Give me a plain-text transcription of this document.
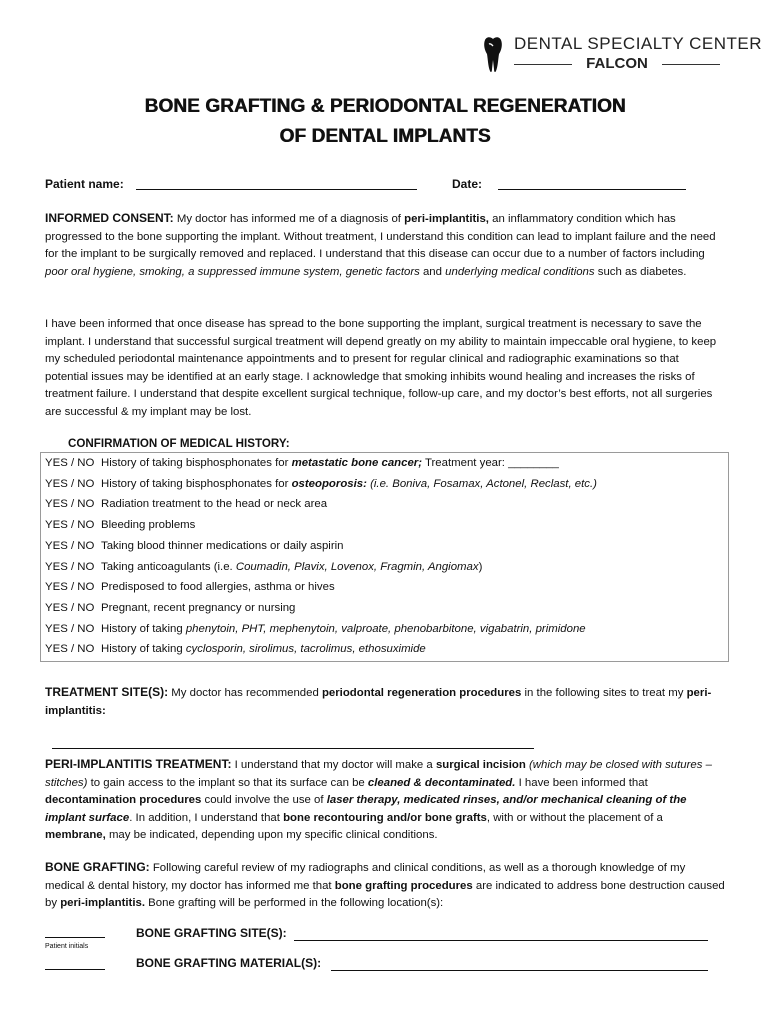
DENTAL SPECIALTY CENTER
FALCON
BONE GRAFTING & PERIODONTAL REGENERATION
OF DENTAL IMPLANTS
Patient name:	Date:

INFORMED CONSENT: My doctor has informed me of a diagnosis of peri-implantitis, an inflammatory condition which has progressed to the bone supporting the implant. Without treatment, I understand this condition can lead to implant failure and the need for the implant to be surgically removed and replaced. I understand that this disease can occur due to a number of factors including poor oral hygiene, smoking, a suppressed immune system, genetic factors and underlying medical conditions such as diabetes.

I have been informed that once disease has spread to the bone supporting the implant, surgical treatment is necessary to save the implant. I understand that successful surgical treatment will depend greatly on my ability to maintain impeccable oral hygiene, to keep my scheduled periodontal maintenance appointments and to present for regular clinical and radiographic examinations so that potential issues may be identified at an early stage. I acknowledge that smoking inhibits wound healing and increases the risks of treatment failure. I understand that despite excellent surgical technique, follow-up care, and my doctor’s best efforts, not all surgeries are successful & my implant may be lost.

CONFIRMATION OF MEDICAL HISTORY:
YES / NO History of taking bisphosphonates for metastatic bone cancer; Treatment year: ________
YES / NO History of taking bisphosphonates for osteoporosis: (i.e. Boniva, Fosamax, Actonel, Reclast, etc.)
YES / NO Radiation treatment to the head or neck area
YES / NO Bleeding problems
YES / NO Taking blood thinner medications or daily aspirin
YES / NO Taking anticoagulants (i.e. Coumadin, Plavix, Lovenox, Fragmin, Angiomax)
YES / NO Predisposed to food allergies, asthma or hives
YES / NO Pregnant, recent pregnancy or nursing
YES / NO History of taking phenytoin, PHT, mephenytoin, valproate, phenobarbitone, vigabatrin, primidone
YES / NO History of taking cyclosporin, sirolimus, tacrolimus, ethosuximide

TREATMENT SITE(S): My doctor has recommended periodontal regeneration procedures in the following sites to treat my peri-implantitis:

PERI-IMPLANTITIS TREATMENT: I understand that my doctor will make a surgical incision (which may be closed with sutures – stitches) to gain access to the implant so that its surface can be cleaned & decontaminated. I have been informed that decontamination procedures could involve the use of laser therapy, medicated rinses, and/or mechanical cleaning of the implant surface. In addition, I understand that bone recontouring and/or bone grafts, with or without the placement of a membrane, may be indicated, depending upon my specific clinical conditions.

BONE GRAFTING: Following careful review of my radiographs and clinical conditions, as well as a thorough knowledge of my medical & dental history, my doctor has informed me that bone grafting procedures are indicated to address bone destruction caused by peri-implantitis. Bone grafting will be performed in the following location(s):

Patient initials
BONE GRAFTING SITE(S):
BONE GRAFTING MATERIAL(S):
